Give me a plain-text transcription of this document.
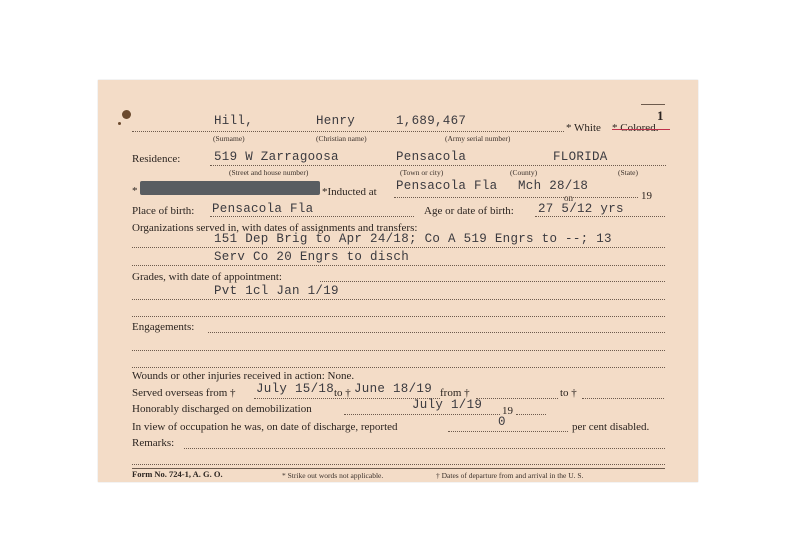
1
Hill,	Henry	1,689,467	* White * Colored.
(Surname)	(Christian name)	(Army serial number)
Residence:	519 W Zarragoosa	Pensacola	FLORIDA
(Street and house number)	(Town or city)	(County)	(State)
*	*Inducted at Pensacola Fla Mch 28/18
on	19
Place of birth: Pensacola Fla	Age or date of birth: 27 5/12 yrs
Organizations served in, with dates of assignments and transfers:
151 Dep Brig to Apr 24/18; Co A 519 Engrs to --; 13
Serv Co 20 Engrs to disch
Grades, with date of appointment:
Pvt 1cl Jan 1/19
Engagements:
Wounds or other injuries received in action: None.
Served overseas from † July 15/18 to † June 18/19 from †	to †
Honorably discharged on demobilization	July 1/19 19
In view of occupation he was, on date of discharge, reported	0	per cent disabled.
Remarks:
Form No. 724-1, A. G. O.	* Strike out words not applicable.	† Dates of departure from and arrival in the U. S.
